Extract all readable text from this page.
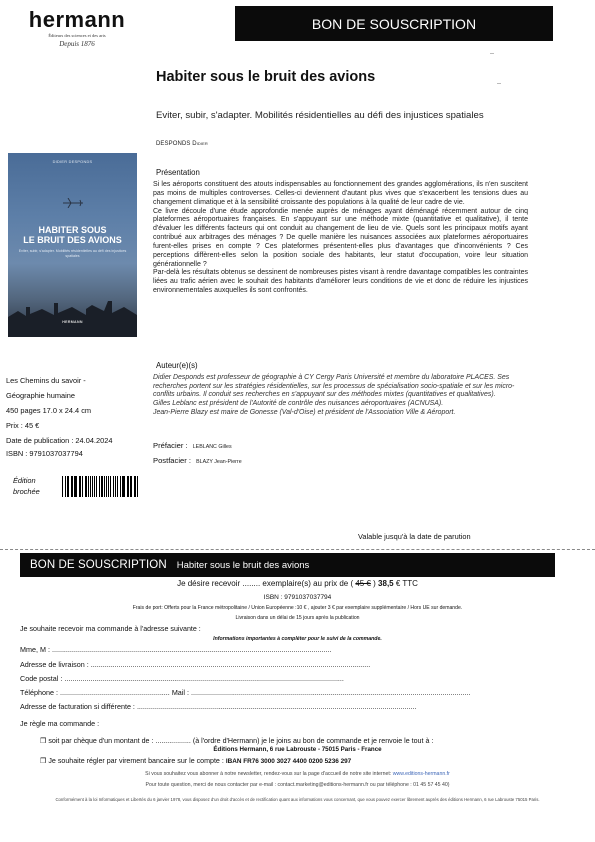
hermann
Éditeurs des sciences et des arts
Depuis 1876
BON DE SOUSCRIPTION
Habiter sous le bruit des avions
Eviter, subir, s'adapter. Mobilités résidentielles au défi des injustices spatiales
DESPONDS Didier
DIDIER DESPONDS
HABITER SOUS
LE BRUIT DES AVIONS
Eviter, subir, s'adapter. Mobilités résidentielles au défi des injustices spatiales
HERMANN
Présentation

Si les aéroports constituent des atouts indispensables au fonctionnement des grandes agglomérations, ils n'en suscitent pas moins de multiples controverses. Celles-ci deviennent d'autant plus vives que s'exacerbent les tensions dues au changement climatique et à la sensibilité croissante des populations à la qualité de leur cadre de vie.

Ce livre découle d'une étude approfondie menée auprès de ménages ayant déménagé récemment autour de cinq plateformes aéroportuaires françaises. En s'appuyant sur une méthode mixte (quantitative et qualitative), il tente d'évaluer les différents facteurs qui ont conduit au changement de lieu de vie. Quels sont les principaux motifs ayant contribué aux arbitrages des ménages ? De quelle manière les nuisances associées aux plateformes aéroportuaires furent-elles prises en compte ? Ces plateformes présentent-elles plus d'avantages que d'inconvénients ? Ces perceptions diffèrent-elles selon la position sociale des habitants, leur statut d'occupation, voire leur situation générationnelle ?

Par-delà les résultats obtenus se dessinent de nombreuses pistes visant à rendre davantage compatibles les contraintes liées au trafic aérien avec le souhait des habitants d'améliorer leurs conditions de vie et donc de réduire les injustices environnementales auxquelles ils sont confrontés.

Auteur(e)(s)

Didier Desponds est professeur de géographie à CY Cergy Paris Université et membre du laboratoire PLACES. Ses recherches portent sur les stratégies résidentielles, sur les processus de spécialisation socio-spatiale et sur les micro-conflits urbains. Il conduit ses recherches en s'appuyant sur des méthodes mixtes (quantitatives et qualitatives).

Gilles Leblanc est président de l'Autorité de contrôle des nuisances aéroportuaires (ACNUSA).

Jean-Pierre Blazy est maire de Gonesse (Val-d'Oise) et président de l'Association Ville & Aéroport.

Les Chemins du savoir -
Géographie humaine
450 pages 17.0 x 24.4 cm
Prix : 45 €
Date de publication : 24.04.2024
ISBN : 9791037037794
Édition
brochée
Préfacier : LEBLANC Gilles
Postfacier : BLAZY Jean-Pierre
Valable jusqu'à la date de parution
BON DE SOUSCRIPTION Habiter sous le bruit des avions
Je désire recevoir ........ exemplaire(s) au prix de ( 45 € ) 38,5 € TTC
ISBN : 9791037037794
Frais de port: Offerts pour la France métropolitaine / Union Européenne :10 € , ajouter 3 € par exemplaire supplémentaire / Hors UE sur demande.
Livraison dans un délai de 15 jours après la publication
Je souhaite recevoir ma commande à l'adresse suivante :
Informations importantes à compléter pour le suivi de la commande.
Mme, M : ............................................................................................................................................
Adresse de livraison : ............................................................................................................................................
Code postal : ............................................................................................................................................
Téléphone : ....................................................... Mail : ............................................................................................................................................
Adresse de facturation si différente : ............................................................................................................................................
Je règle ma commande :
❒ soit par chèque d'un montant de : .................. (à l'ordre d'Hermann) je le joins au bon de commande et je renvoie le tout à :
Éditions Hermann, 6 rue Labrouste - 75015 Paris - France
❒ Je souhaite régler par virement bancaire sur le compte : IBAN FR76 3000 3027 4400 0200 5236 297
Si vous souhaitez vous abonner à notre newsletter, rendez-vous sur la page d'accueil de notre site internet: www.editions-hermann.fr
Pour toute question, merci de nous contacter par e-mail : contact.marketing@editions-hermann.fr ou par téléphone : 01 45 57 45 40)
Conformément à la loi Informatiques et Libertés du 6 janvier 1978, vous disposez d'un droit d'accès et de rectification quant aux informations vous concernant, que vous pouvez exercer librement auprès des éditions Hermann, 6 rue Labrouste 75015 Paris.
